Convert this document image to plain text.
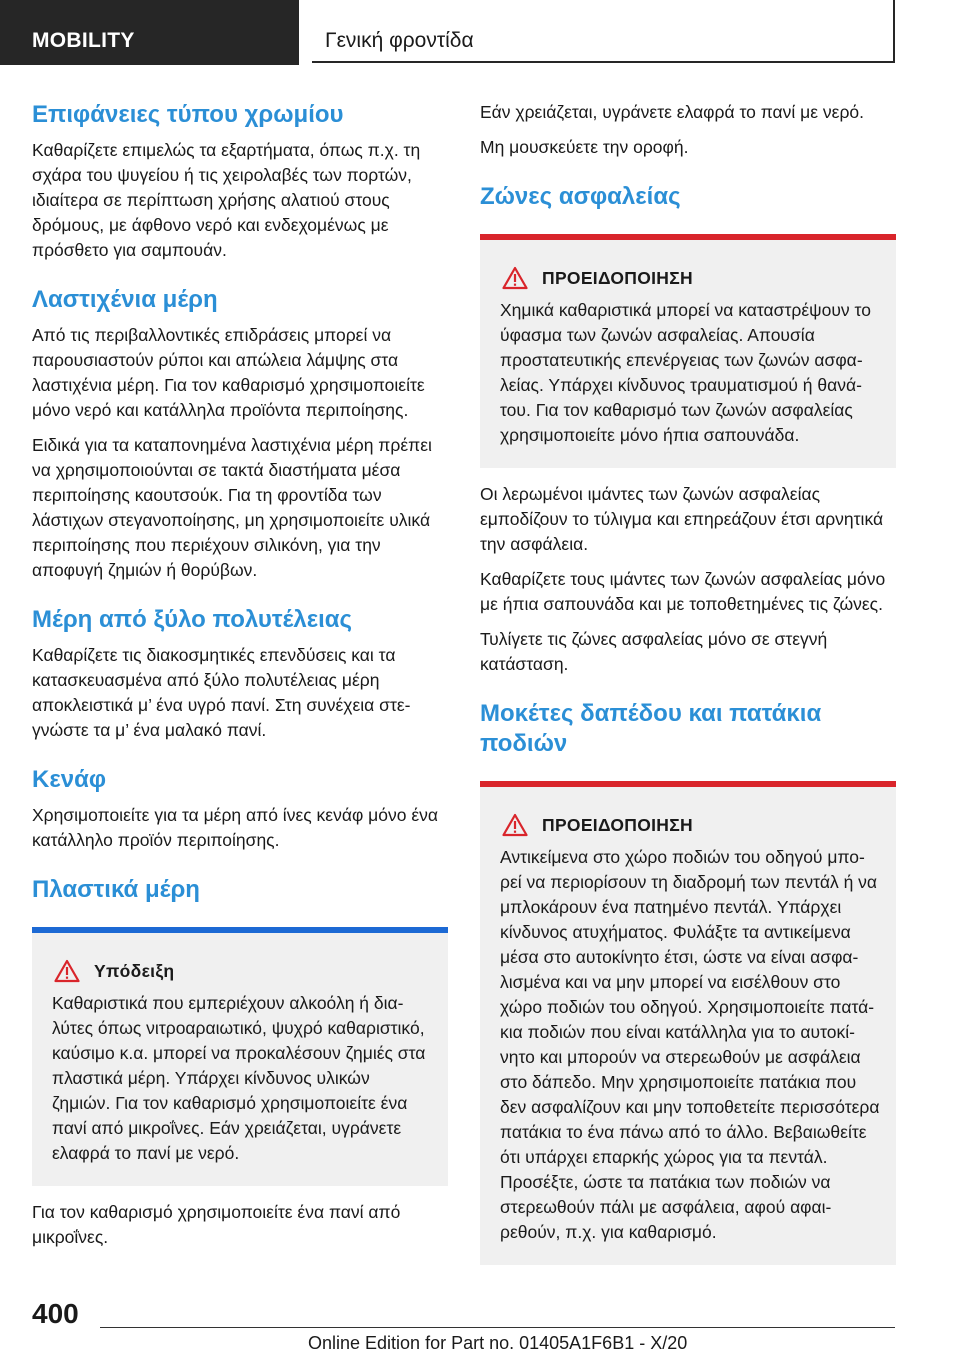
MOBILITY	Γενική φροντίδα
Επιφάνειες τύπου χρωμίου

Καθαρίζετε επιμελώς τα εξαρτήματα, όπως π.χ. τη σχάρα του ψυγείου ή τις χειρολαβές των πορτών, ιδιαίτερα σε περίπτωση χρήσης αλατιού στους δρόμους, με άφθονο νερό και ενδεχομένως με πρόσθετο για σαμπουάν.

Λαστιχένια μέρη

Από τις περιβαλλοντικές επιδράσεις μπορεί να παρουσιαστούν ρύποι και απώλεια λάμψης στα λαστιχένια μέρη. Για τον καθαρισμό χρησιμοποιείτε μόνο νερό και κατάλληλα προϊόντα περιποίησης.

Ειδικά για τα καταπονημένα λαστιχένια μέρη πρέπει να χρησιμοποιούνται σε τακτά διαστήματα μέσα περιποίησης καουτσούκ. Για τη φροντίδα των λάστιχων στεγανοποίησης, μη χρησιμοποιείτε υλικά περιποίησης που περιέχουν σιλικόνη, για την αποφυγή ζημιών ή θορύβων.

Μέρη από ξύλο πολυτέλειας

Καθαρίζετε τις διακοσμητικές επενδύσεις και τα κατασκευασμένα από ξύλο πολυτέλειας μέρη αποκλειστικά μ’ ένα υγρό πανί. Στη συνέχεια στεγνώστε τα μ’ ένα μαλακό πανί.

Κενάφ

Χρησιμοποιείτε για τα μέρη από ίνες κενάφ μόνο ένα κατάλληλο προϊόν περιποίησης.

Πλαστικά μέρη
Υπόδειξη

Καθαριστικά που εμπεριέχουν αλκοόλη ή διαλύτες όπως νιτροαραιωτικό, ψυχρό καθαριστικό, καύσιμο κ.α. μπορεί να προκαλέσουν ζημιές στα πλαστικά μέρη. Υπάρχει κίνδυνος υλικών ζημιών. Για τον καθαρισμό χρησιμοποιείτε ένα πανί από μικροΐνες. Εάν χρειάζεται, υγράνετε ελαφρά το πανί με νερό.

Για τον καθαρισμό χρησιμοποιείτε ένα πανί από μικροΐνες.

Εάν χρειάζεται, υγράνετε ελαφρά το πανί με νερό.

Μη μουσκεύετε την οροφή.

Ζώνες ασφαλείας
ΠΡΟΕΙΔΟΠΟΙΗΣΗ

Χημικά καθαριστικά μπορεί να καταστρέψουν το ύφασμα των ζωνών ασφαλείας. Απουσία προστατευτικής επενέργειας των ζωνών ασφαλείας. Υπάρχει κίνδυνος τραυματισμού ή θανάτου. Για τον καθαρισμό των ζωνών ασφαλείας χρησιμοποιείτε μόνο ήπια σαπουνάδα.

Οι λερωμένοι ιμάντες των ζωνών ασφαλείας εμποδίζουν το τύλιγμα και επηρεάζουν έτσι αρνητικά την ασφάλεια.

Καθαρίζετε τους ιμάντες των ζωνών ασφαλείας μόνο με ήπια σαπουνάδα και με τοποθετημένες τις ζώνες.

Τυλίγετε τις ζώνες ασφαλείας μόνο σε στεγνή κατάσταση.

Μοκέτες δαπέδου και πατάκια ποδιών
ΠΡΟΕΙΔΟΠΟΙΗΣΗ

Αντικείμενα στο χώρο ποδιών του οδηγού μπορεί να περιορίσουν τη διαδρομή των πεντάλ ή να μπλοκάρουν ένα πατημένο πεντάλ. Υπάρχει κίνδυνος ατυχήματος. Φυλάξτε τα αντικείμενα μέσα στο αυτοκίνητο έτσι, ώστε να είναι ασφαλισμένα και να μην μπορεί να εισέλθουν στο χώρο ποδιών του οδηγού. Χρησιμοποιείτε πατάκια ποδιών που είναι κατάλληλα για το αυτοκίνητο και μπορούν να στερεωθούν με ασφάλεια στο δάπεδο. Μην χρησιμοποιείτε πατάκια που δεν ασφαλίζουν και μην τοποθετείτε περισσότερα πατάκια το ένα πάνω από το άλλο. Βεβαιωθείτε ότι υπάρχει επαρκής χώρος για τα πεντάλ. Προσέξτε, ώστε τα πατάκια των ποδιών να στερεωθούν πάλι με ασφάλεια, αφού αφαιρεθούν, π.χ. για καθαρισμό.

400
Online Edition for Part no. 01405A1F6B1 - X/20
